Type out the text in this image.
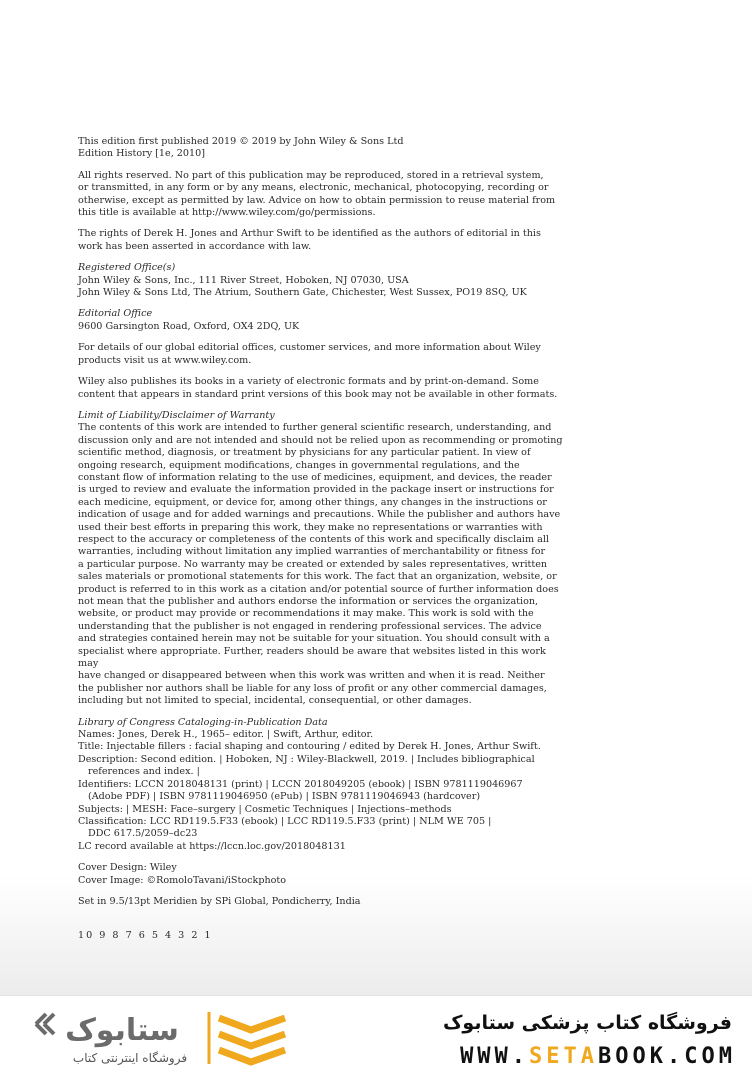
This edition first published 2019 © 2019 by John Wiley & Sons Ltd
Edition History [1e, 2010]
All rights reserved. No part of this publication may be reproduced, stored in a retrieval system,
or transmitted, in any form or by any means, electronic, mechanical, photocopying, recording or
otherwise, except as permitted by law. Advice on how to obtain permission to reuse material from
this title is available at http://www.wiley.com/go/permissions.
The rights of Derek H. Jones and Arthur Swift to be identified as the authors of editorial in this
work has been asserted in accordance with law.
Registered Office(s)
John Wiley & Sons, Inc., 111 River Street, Hoboken, NJ 07030, USA
John Wiley & Sons Ltd, The Atrium, Southern Gate, Chichester, West Sussex, PO19 8SQ, UK
Editorial Office
9600 Garsington Road, Oxford, OX4 2DQ, UK
For details of our global editorial offices, customer services, and more information about Wiley
products visit us at www.wiley.com.
Wiley also publishes its books in a variety of electronic formats and by print-on-demand. Some
content that appears in standard print versions of this book may not be available in other formats.
Limit of Liability/Disclaimer of Warranty
The contents of this work are intended to further general scientific research, understanding, and
discussion only and are not intended and should not be relied upon as recommending or promoting
scientific method, diagnosis, or treatment by physicians for any particular patient. In view of
ongoing research, equipment modifications, changes in governmental regulations, and the
constant flow of information relating to the use of medicines, equipment, and devices, the reader
is urged to review and evaluate the information provided in the package insert or instructions for
each medicine, equipment, or device for, among other things, any changes in the instructions or
indication of usage and for added warnings and precautions. While the publisher and authors have
used their best efforts in preparing this work, they make no representations or warranties with
respect to the accuracy or completeness of the contents of this work and specifically disclaim all
warranties, including without limitation any implied warranties of merchantability or fitness for
a particular purpose. No warranty may be created or extended by sales representatives, written
sales materials or promotional statements for this work. The fact that an organization, website, or
product is referred to in this work as a citation and/or potential source of further information does
not mean that the publisher and authors endorse the information or services the organization,
website, or product may provide or recommendations it may make. This work is sold with the
understanding that the publisher is not engaged in rendering professional services. The advice
and strategies contained herein may not be suitable for your situation. You should consult with a
specialist where appropriate. Further, readers should be aware that websites listed in this work may
have changed or disappeared between when this work was written and when it is read. Neither
the publisher nor authors shall be liable for any loss of profit or any other commercial damages,
including but not limited to special, incidental, consequential, or other damages.
Library of Congress Cataloging-in-Publication Data
Names: Jones, Derek H., 1965– editor. | Swift, Arthur, editor.
Title: Injectable fillers : facial shaping and contouring / edited by Derek H. Jones, Arthur Swift.
Description: Second edition. | Hoboken, NJ : Wiley-Blackwell, 2019. | Includes bibliographical
references and index. |
Identifiers: LCCN 2018048131 (print) | LCCN 2018049205 (ebook) | ISBN 9781119046967
(Adobe PDF) | ISBN 9781119046950 (ePub) | ISBN 9781119046943 (hardcover)
Subjects: | MESH: Face–surgery | Cosmetic Techniques | Injections–methods
Classification: LCC RD119.5.F33 (ebook) | LCC RD119.5.F33 (print) | NLM WE 705 |
DDC 617.5/2059–dc23
LC record available at https://lccn.loc.gov/2018048131
Cover Design: Wiley
Cover Image: ©RomoloTavani/iStockphoto
Set in 9.5/13pt Meridien by SPi Global, Pondicherry, India
10 9 8 7 6 5 4 3 2 1
ستابوک
فروشگاه اینترنتی کتاب
فروشگاه کتاب پزشکی ستابوک
WWW.SETABOOK.COM
